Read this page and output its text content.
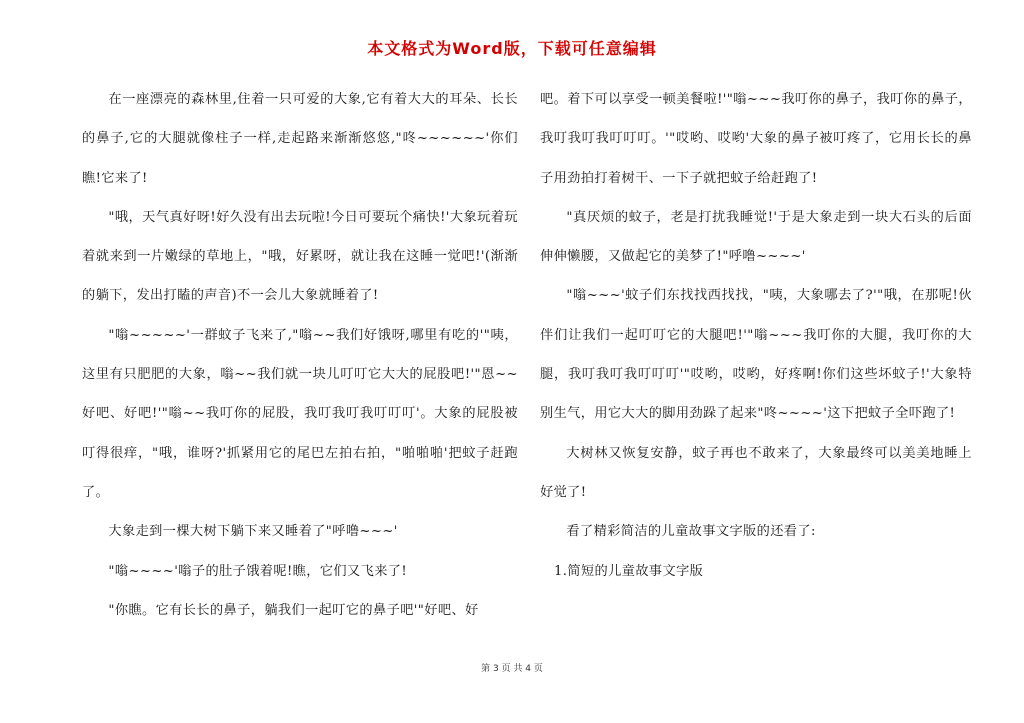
本文格式为Word版，下载可任意编辑

在一座漂亮的森林里,住着一只可爱的大象,它有着大大的耳朵、长长的鼻子,它的大腿就像柱子一样,走起路来渐渐悠悠,"咚~~~~~~'你们瞧!它来了!

"哦，天气真好呀!好久没有出去玩啦!今日可要玩个痛快!'大象玩着玩着就来到一片嫩绿的草地上，"哦，好累呀，就让我在这睡一觉吧!'(渐渐的躺下，发出打瞌的声音)不一会儿大象就睡着了!

"嗡~~~~~'一群蚊子飞来了,"嗡~~我们好饿呀,哪里有吃的'"咦，这里有只肥肥的大象，嗡~~我们就一块儿叮叮它大大的屁股吧!'"恩~~好吧、好吧!'"嗡~~我叮你的屁股，我叮我叮我叮叮叮'。大象的屁股被叮得很痒，"哦，谁呀?'抓紧用它的尾巴左拍右拍，"啪啪啪'把蚊子赶跑了。

大象走到一棵大树下躺下来又睡着了"呼噜~~~'

"嗡~~~~'嗡子的肚子饿着呢!瞧，它们又飞来了!

"你瞧。它有长长的鼻子，躺我们一起叮它的鼻子吧'"好吧、好

吧。着下可以享受一顿美餐啦!'"嗡~~~我叮你的鼻子，我叮你的鼻子，我叮我叮我叮叮叮。'"哎哟、哎哟'大象的鼻子被叮疼了，它用长长的鼻子用劲拍打着树干、一下子就把蚊子给赶跑了!

"真厌烦的蚊子，老是打扰我睡觉!'于是大象走到一块大石头的后面伸伸懒腰，又做起它的美梦了!"呼噜~~~~'

"嗡~~~'蚊子们东找找西找找，"咦，大象哪去了?'"哦，在那呢!伙伴们让我们一起叮叮它的大腿吧!'"嗡~~~我叮你的大腿，我叮你的大腿，我叮我叮我叮叮叮'"哎哟，哎哟，好疼啊!你们这些坏蚊子!'大象特别生气，用它大大的脚用劲跺了起来"咚~~~~'这下把蚊子全吓跑了!

大树林又恢复安静，蚊子再也不敢来了，大象最终可以美美地睡上好觉了!

看了精彩简洁的儿童故事文字版的还看了:

1.简短的儿童故事文字版

第 3 页 共 4 页
